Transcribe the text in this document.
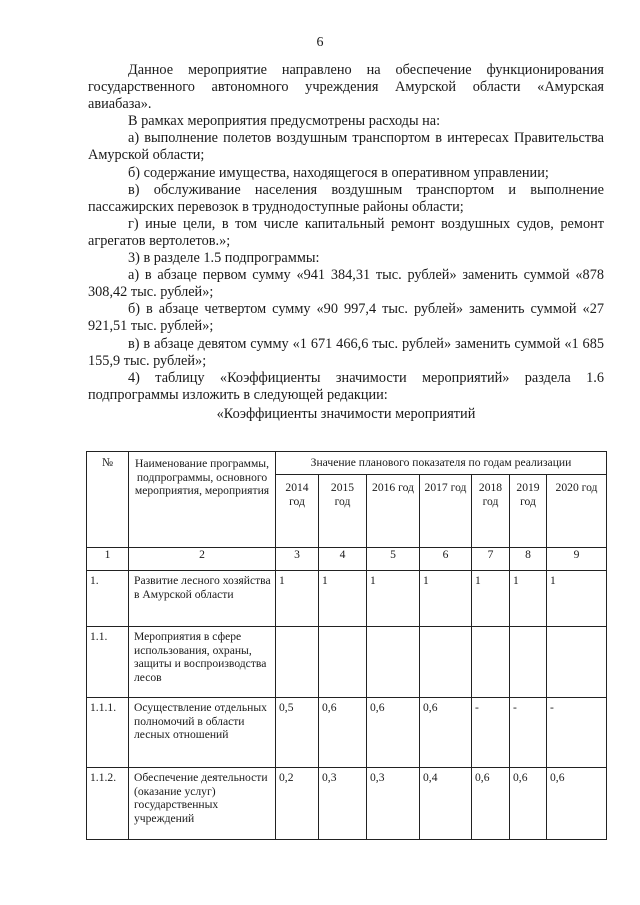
6

Данное мероприятие направлено на обеспечение функционирования государственного автономного учреждения Амурской области «Амурская авиабаза».

В рамках мероприятия предусмотрены расходы на:

а) выполнение полетов воздушным транспортом в интересах Правительства Амурской области;

б) содержание имущества, находящегося в оперативном управлении;

в) обслуживание населения воздушным транспортом и выполнение пассажирских перевозок в труднодоступные районы области;

г) иные цели, в том числе капитальный ремонт воздушных судов, ремонт агрегатов вертолетов.»;

3) в разделе 1.5 подпрограммы:

а) в абзаце первом сумму «941 384,31 тыс. рублей» заменить суммой «878 308,42 тыс. рублей»;

б) в абзаце четвертом сумму «90 997,4 тыс. рублей» заменить суммой «27 921,51 тыс. рублей»;

в) в абзаце девятом сумму «1 671 466,6 тыс. рублей» заменить суммой «1 685 155,9 тыс. рублей»;

4) таблицу «Коэффициенты значимости мероприятий» раздела 1.6 подпрограммы изложить в следующей редакции:

«Коэффициенты значимости мероприятий

№	Наименование программы, подпрограммы, основного мероприятия, мероприятия	Значение планового показателя по годам реализации						
		2014 год	2015 год	2016 год	2017 год	2018 год	2019 год	2020 год
1	2	3	4	5	6	7	8	9
1.	Развитие лесного хозяйства в Амурской области	1	1	1	1	1	1	1
1.1.	Мероприятия в сфере использования, охраны, защиты и воспроизводства лесов							
1.1.1.	Осуществление отдельных полномочий в области лесных отношений	0,5	0,6	0,6	0,6	-	-	-
1.1.2.	Обеспечение деятельности (оказание услуг) государственных учреждений	0,2	0,3	0,3	0,4	0,6	0,6	0,6
